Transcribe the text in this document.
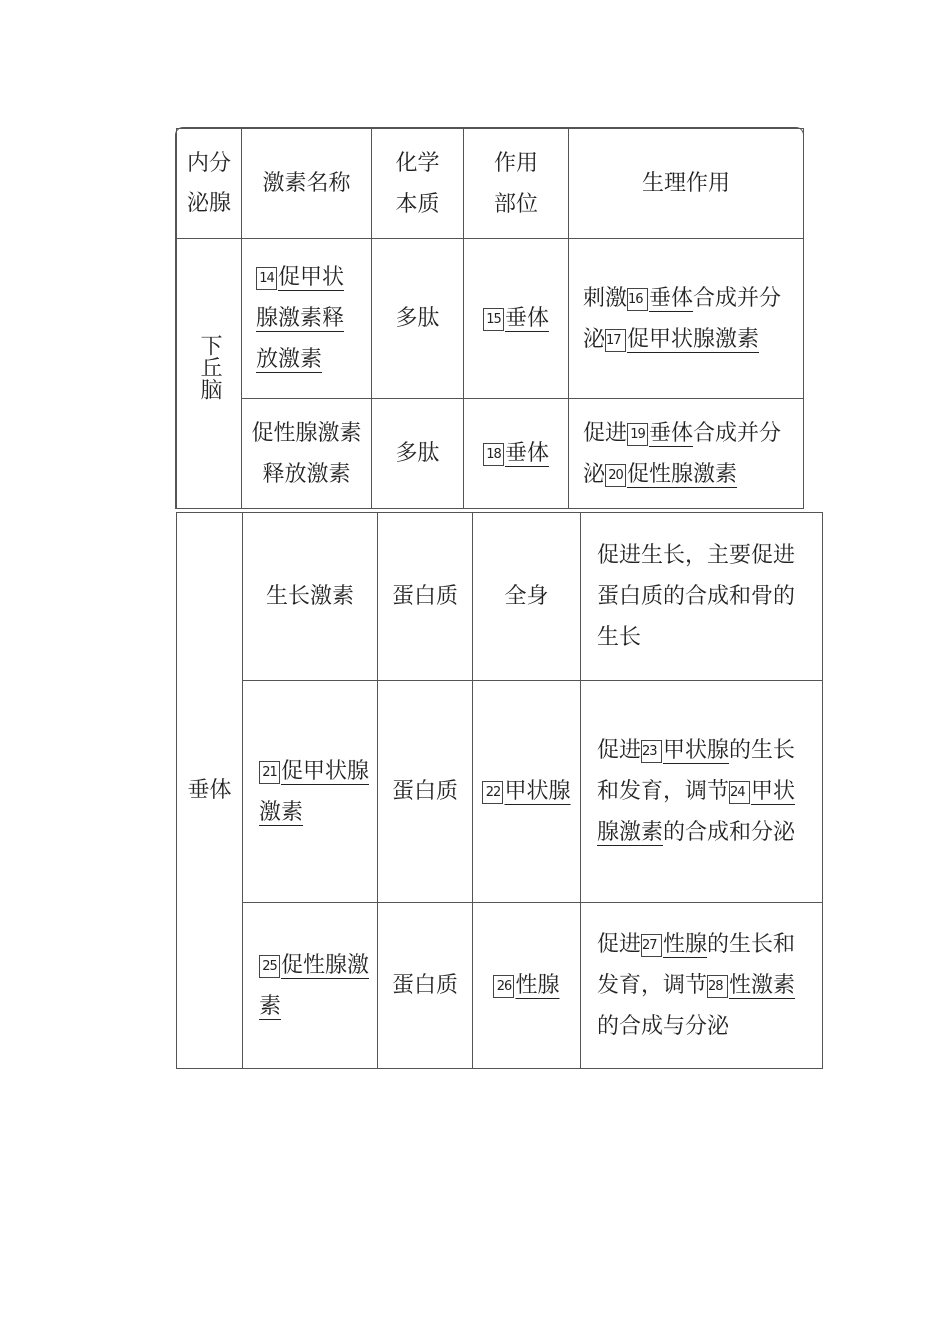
内分泌腺	激素名称	化学本质	作用部位	生理作用
下丘脑	14 促甲状腺激素释放激素	多肽	15 垂体	刺激16 垂体合成并分泌17 促甲状腺激素
	促性腺激素释放激素	多肽	18 垂体	促进 19 垂体合成并分泌 20 促性腺激素
垂体	生长激素	蛋白质	全身	促进生长，主要促进蛋白质的合成和骨的生长
	21 促甲状腺激素	蛋白质	22 甲状腺	促进23 甲状腺的生长和发育，调节24 甲状腺激素的合成和分泌
	25 促性腺激素	蛋白质	26 性腺	促进27 性腺的生长和发育，调节28 性激素的合成与分泌
